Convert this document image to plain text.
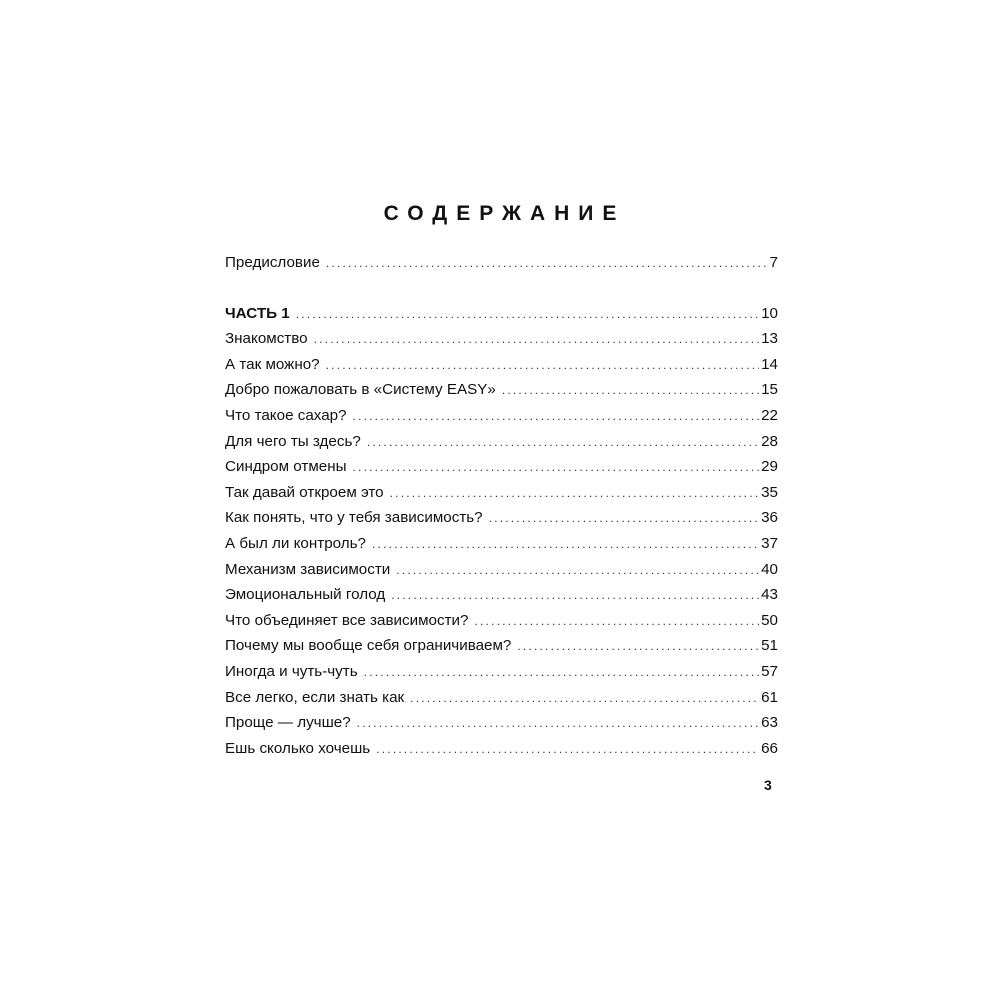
СОДЕРЖАНИЕ
Предисловие .....	7
ЧАСТЬ 1 .....	10
Знакомство .....	13
А так можно? .....	14
Добро пожаловать в «Систему EASY» .....	15
Что такое сахар? .....	22
Для чего ты здесь? .....	28
Синдром отмены .....	29
Так давай откроем это .....	35
Как понять, что у тебя зависимость? .....	36
А был ли контроль? .....	37
Механизм зависимости .....	40
Эмоциональный голод .....	43
Что объединяет все зависимости? .....	50
Почему мы вообще себя ограничиваем? .....	51
Иногда и чуть-чуть .....	57
Все легко, если знать как .....	61
Проще — лучше? .....	63
Ешь сколько хочешь .....	66
3
